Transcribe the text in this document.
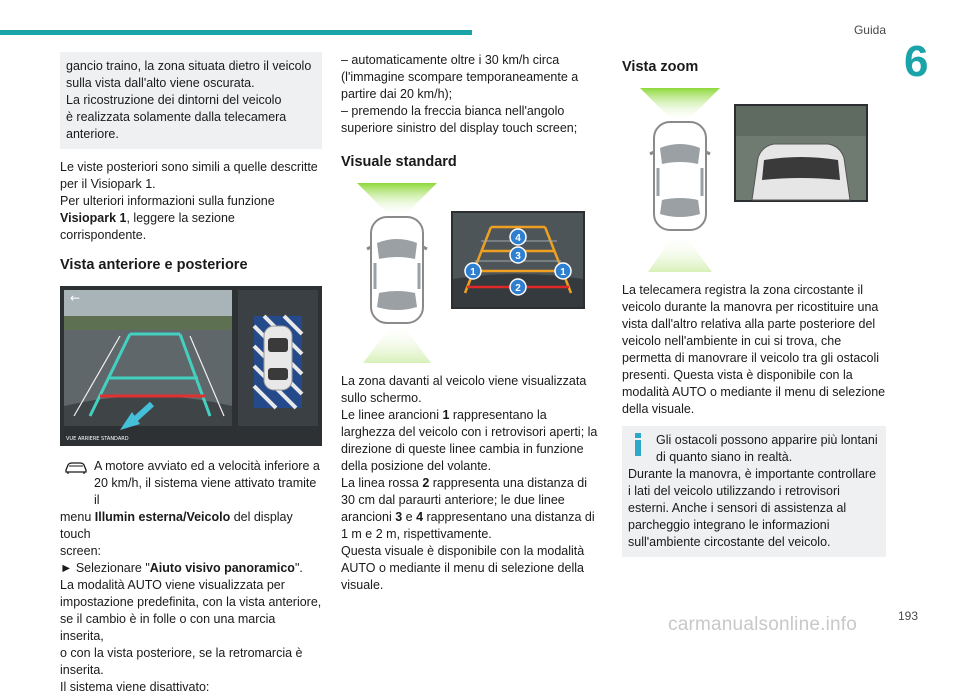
Guida
6

gancio traino, la zona situata dietro il veicolo

sulla vista dall'alto viene oscurata.

La ricostruzione dei dintorni del veicolo

è realizzata solamente dalla telecamera

anteriore.

Le viste posteriori sono simili a quelle descritte

per il Visiopark 1.

Per ulteriori informazioni sulla funzione

Visiopark 1, leggere la sezione corrispondente.

Vista anteriore e posteriore
←
VUE ARRIERE STANDARD

A motore avviato ed a velocità inferiore a

20 km/h, il sistema viene attivato tramite il

menu Illumin esterna/Veicolo del display touch

screen:

► Selezionare "Aiuto visivo panoramico".

La modalità AUTO viene visualizzata per

impostazione predefinita, con la vista anteriore,

se il cambio è in folle o con una marcia inserita,

o con la vista posteriore, se la retromarcia è

inserita.

Il sistema viene disattivato:

– automaticamente oltre i 30 km/h circa

(l'immagine scompare temporaneamente a

partire dai 20 km/h);

– premendo la freccia bianca nell'angolo

superiore sinistro del display touch screen;

Visuale standard
4
3
1	1
2

La zona davanti al veicolo viene visualizzata sullo schermo.

Le linee arancioni 1 rappresentano la larghezza del veicolo con i retrovisori aperti; la direzione di queste linee cambia in funzione della posizione del volante.

La linea rossa 2 rappresenta una distanza di 30 cm dal paraurti anteriore; le due linee arancioni 3 e 4 rappresentano una distanza di 1 m e 2 m, rispettivamente.

Questa visuale è disponibile con la modalità AUTO o mediante il menu di selezione della visuale.

Vista zoom

La telecamera registra la zona circostante il veicolo durante la manovra per ricostituire una vista dall'altro relativa alla parte posteriore del veicolo nell'ambiente in cui si trova, che permetta di manovrare il veicolo tra gli ostacoli presenti. Questa vista è disponibile con la modalità AUTO o mediante il menu di selezione della visuale.

Gli ostacoli possono apparire più lontani di quanto siano in realtà.

Durante la manovra, è importante controllare i lati del veicolo utilizzando i retrovisori esterni. Anche i sensori di assistenza al parcheggio integrano le informazioni sull'ambiente circostante del veicolo.

193
carmanualsonline.info
